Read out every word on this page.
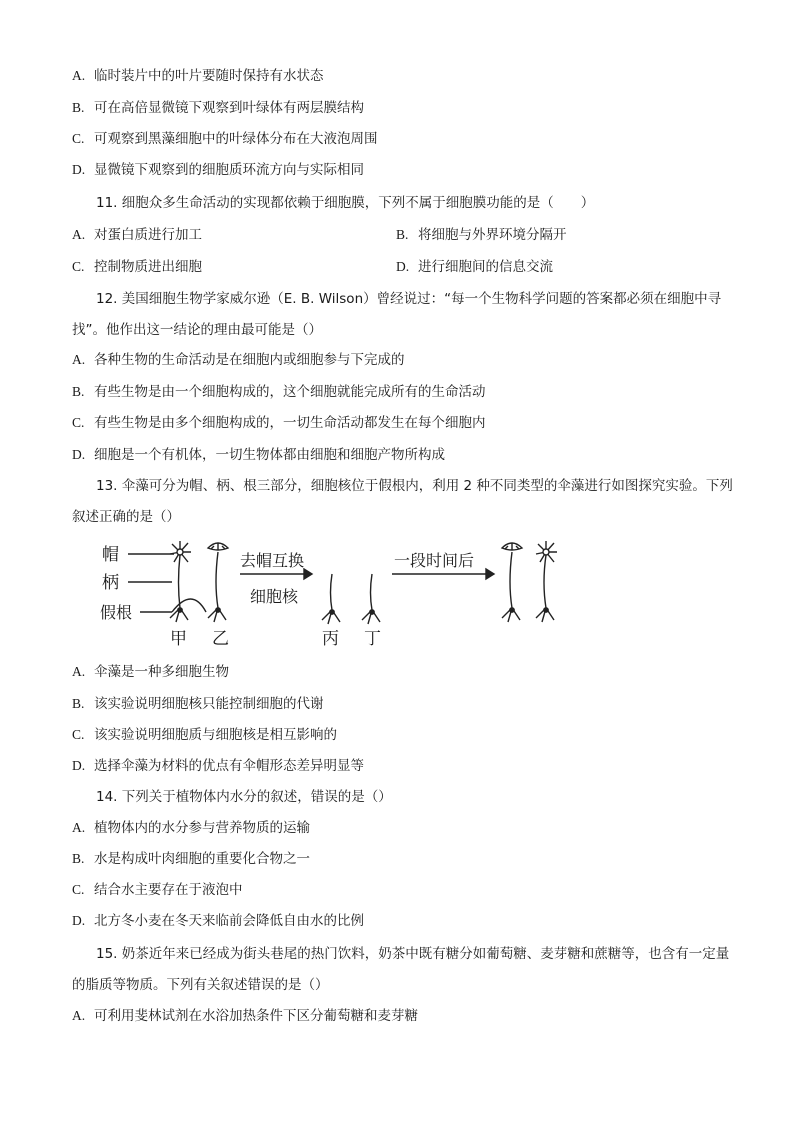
A. 临时装片中的叶片要随时保持有水状态
B. 可在高倍显微镜下观察到叶绿体有两层膜结构
C. 可观察到黑藻细胞中的叶绿体分布在大液泡周围
D. 显微镜下观察到的细胞质环流方向与实际相同
11. 细胞众多生命活动的实现都依赖于细胞膜，下列不属于细胞膜功能的是（　　）
A. 对蛋白质进行加工	B. 将细胞与外界环境分隔开
C. 控制物质进出细胞	D. 进行细胞间的信息交流
12. 美国细胞生物学家威尔逊（E. B. Wilson）曾经说过：“每一个生物科学问题的答案都必须在细胞中寻
找”。他作出这一结论的理由最可能是（）
A. 各种生物的生命活动是在细胞内或细胞参与下完成的
B. 有些生物是由一个细胞构成的，这个细胞就能完成所有的生命活动
C. 有些生物是由多个细胞构成的，一切生命活动都发生在每个细胞内
D. 细胞是一个有机体，一切生物体都由细胞和细胞产物所构成
13. 伞藻可分为帽、柄、根三部分，细胞核位于假根内，利用 2 种不同类型的伞藻进行如图探究实验。下列
叙述正确的是（）
帽
柄
假根
去帽互换
细胞核
一段时间后
甲 乙	丙 丁
A. 伞藻是一种多细胞生物
B. 该实验说明细胞核只能控制细胞的代谢
C. 该实验说明细胞质与细胞核是相互影响的
D. 选择伞藻为材料的优点有伞帽形态差异明显等
14. 下列关于植物体内水分的叙述，错误的是（）
A. 植物体内的水分参与营养物质的运输
B. 水是构成叶肉细胞的重要化合物之一
C. 结合水主要存在于液泡中
D. 北方冬小麦在冬天来临前会降低自由水的比例
15. 奶茶近年来已经成为街头巷尾的热门饮料，奶茶中既有糖分如葡萄糖、麦芽糖和蔗糖等，也含有一定量
的脂质等物质。下列有关叙述错误的是（）
A. 可利用斐林试剂在水浴加热条件下区分葡萄糖和麦芽糖
